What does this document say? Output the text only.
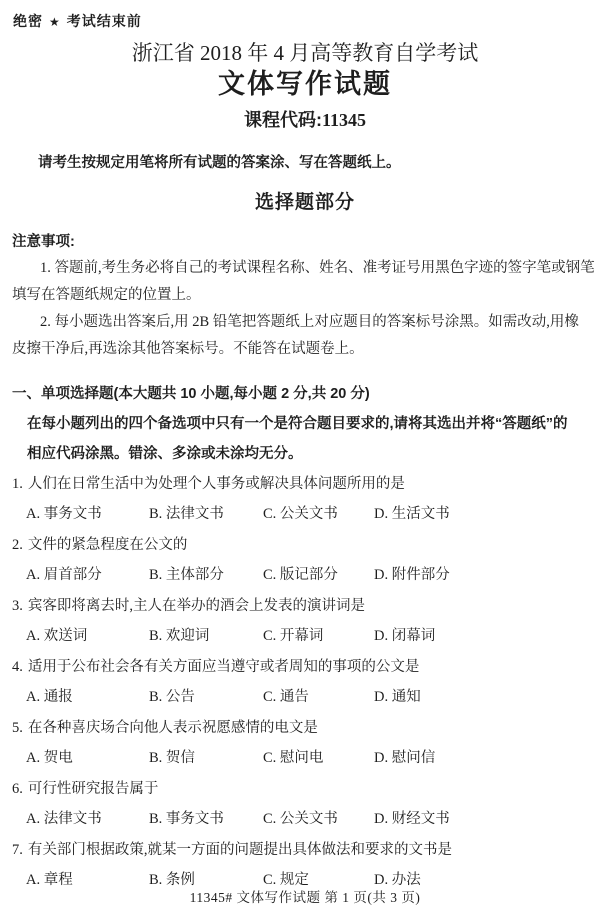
绝密 ★ 考试结束前
浙江省 2018 年 4 月高等教育自学考试
文体写作试题
课程代码:11345
请考生按规定用笔将所有试题的答案涂、写在答题纸上。
选择题部分
注意事项:
1. 答题前,考生务必将自己的考试课程名称、姓名、准考证号用黑色字迹的签字笔或钢笔
填写在答题纸规定的位置上。
2. 每小题选出答案后,用 2B 铅笔把答题纸上对应题目的答案标号涂黑。如需改动,用橡
皮擦干净后,再选涂其他答案标号。不能答在试题卷上。
一、单项选择题(本大题共 10 小题,每小题 2 分,共 20 分)
在每小题列出的四个备选项中只有一个是符合题目要求的,请将其选出并将“答题纸”的
相应代码涂黑。错涂、多涂或未涂均无分。
1. 人们在日常生活中为处理个人事务或解决具体问题所用的是
A. 事务文书	B. 法律文书	C. 公关文书	D. 生活文书
2. 文件的紧急程度在公文的
A. 眉首部分	B. 主体部分	C. 版记部分	D. 附件部分
3. 宾客即将离去时,主人在举办的酒会上发表的演讲词是
A. 欢送词	B. 欢迎词	C. 开幕词	D. 闭幕词
4. 适用于公布社会各有关方面应当遵守或者周知的事项的公文是
A. 通报	B. 公告	C. 通告	D. 通知
5. 在各种喜庆场合向他人表示祝愿感情的电文是
A. 贺电	B. 贺信	C. 慰问电	D. 慰问信
6. 可行性研究报告属于
A. 法律文书	B. 事务文书	C. 公关文书	D. 财经文书
7. 有关部门根据政策,就某一方面的问题提出具体做法和要求的文书是
A. 章程	B. 条例	C. 规定	D. 办法
11345# 文体写作试题 第 1 页(共 3 页)
